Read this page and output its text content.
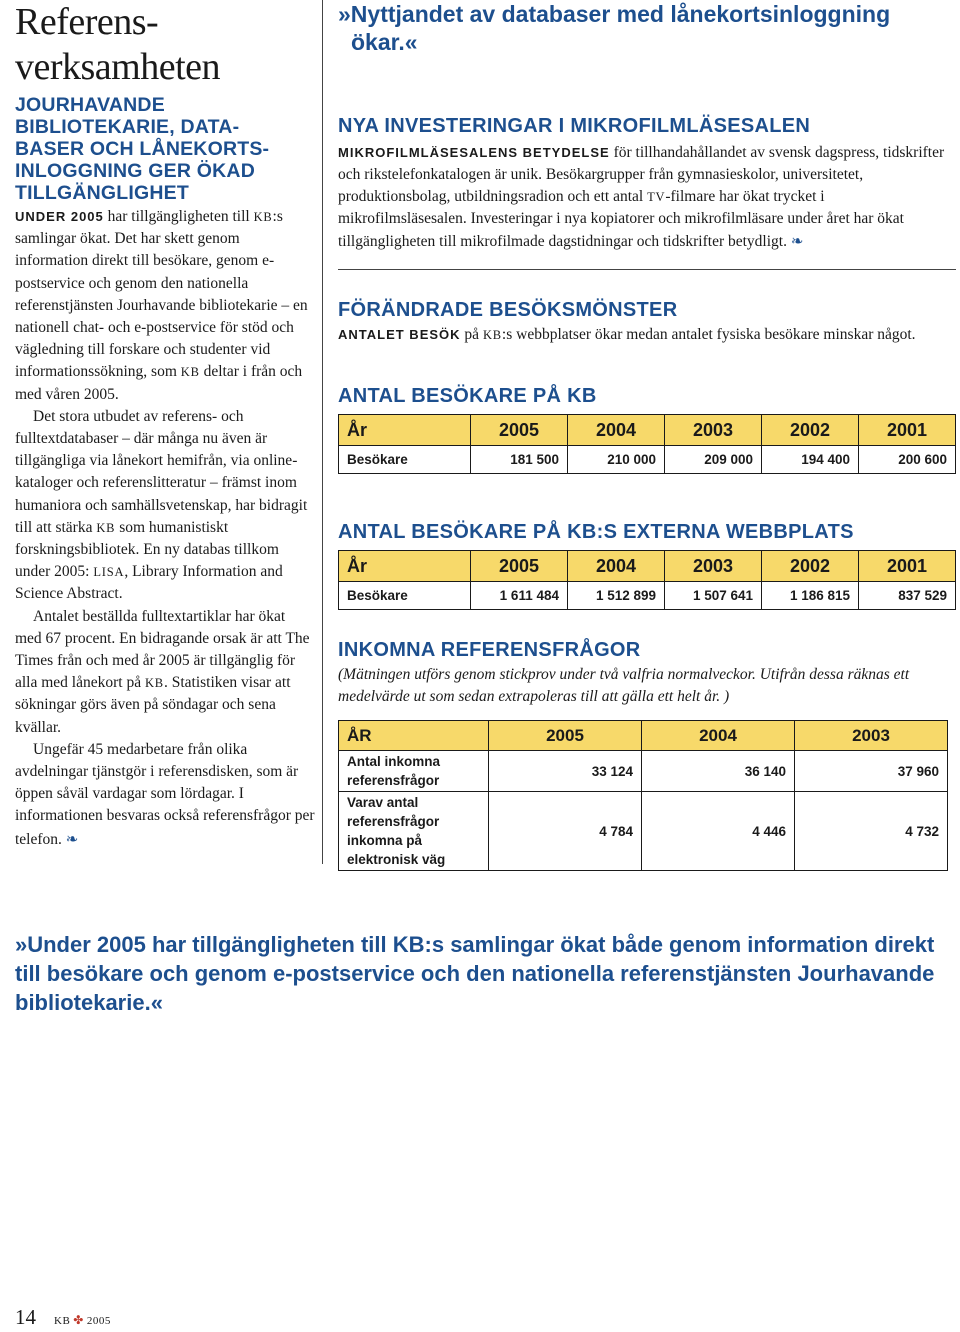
Referens-
verksamheten
JOURHAVANDE
BIBLIOTEKARIE, DATA-
BASER OCH LÅNEKORTS-
INLOGGNING GER ÖKAD
TILLGÄNGLIGHET

UNDER 2005 har tillgängligheten till KB:s samlingar ökat. Det har skett genom information direkt till besökare, genom e-postservice och genom den nationella referenstjänsten Jourhavande bibliotekarie – en nationell chat- och e-postservice för stöd och vägledning till forskare och studenter vid informationssökning, som KB deltar i från och med våren 2005.

Det stora utbudet av referens- och fulltextdatabaser – där många nu även är tillgängliga via lånekort hemifrån, via online-kataloger och referenslitteratur – främst inom humaniora och samhällsvetenskap, har bidragit till att stärka KB som humanistiskt forskningsbibliotek. En ny databas tillkom under 2005: LISA, Library Information and Science Abstract.

Antalet beställda fulltextartiklar har ökat med 67 procent. En bidragande orsak är att The Times från och med år 2005 är tillgänglig för alla med lånekort på KB. Statistiken visar att sökningar görs även på söndagar och sena kvällar.

Ungefär 45 medarbetare från olika avdelningar tjänstgör i referensdisken, som är öppen såväl vardagar som lördagar. I informationen besvaras också referensfrågor per telefon. ❧

»Nyttjandet av databaser med lånekortsinloggning
ökar.«

NYA INVESTERINGAR I MIKROFILMLÄSESALEN

MIKROFILMLÄSESALENS BETYDELSE för tillhandahållandet av svensk dagspress, tidskrifter och rikstelefonkatalogen är unik. Besökargrupper från gymnasieskolor, universitetet, produktionsbolag, utbildningsradion och ett antal TV-filmare har ökat trycket i mikrofilmsläsesalen. Investeringar i nya kopiatorer och mikrofilmläsare under året har ökat tillgängligheten till mikrofilmade dagstidningar och tidskrifter betydligt. ❧

FÖRÄNDRADE BESÖKSMÖNSTER

ANTALET BESÖK på KB:s webbplatser ökar medan antalet fysiska besökare minskar något.

ANTAL BESÖKARE PÅ KB
År	2005	2004	2003	2002	2001
Besökare	181 500	210 000	209 000	194 400	200 600
ANTAL BESÖKARE PÅ KB:S EXTERNA WEBBPLATS
År	2005	2004	2003	2002	2001
Besökare	1 611 484	1 512 899	1 507 641	1 186 815	837 529
INKOMNA REFERENSFRÅGOR

(Mätningen utförs genom stickprov under två valfria normalveckor. Utifrån dessa räknas ett medelvärde ut som sedan extrapoleras till att gälla ett helt år. )

ÅR	2005	2004	2003
Antal inkomna referensfrågor	33 124	36 140	37 960
Varav antal referensfrågor inkomna på elektronisk väg	4 784	4 446	4 732

»Under 2005 har tillgängligheten till KB:s samlingar ökat både genom information direkt till besökare och genom e-postservice och den nationella referenstjänsten Jourhavande bibliotekarie.«

14 KB ✤ 2005
